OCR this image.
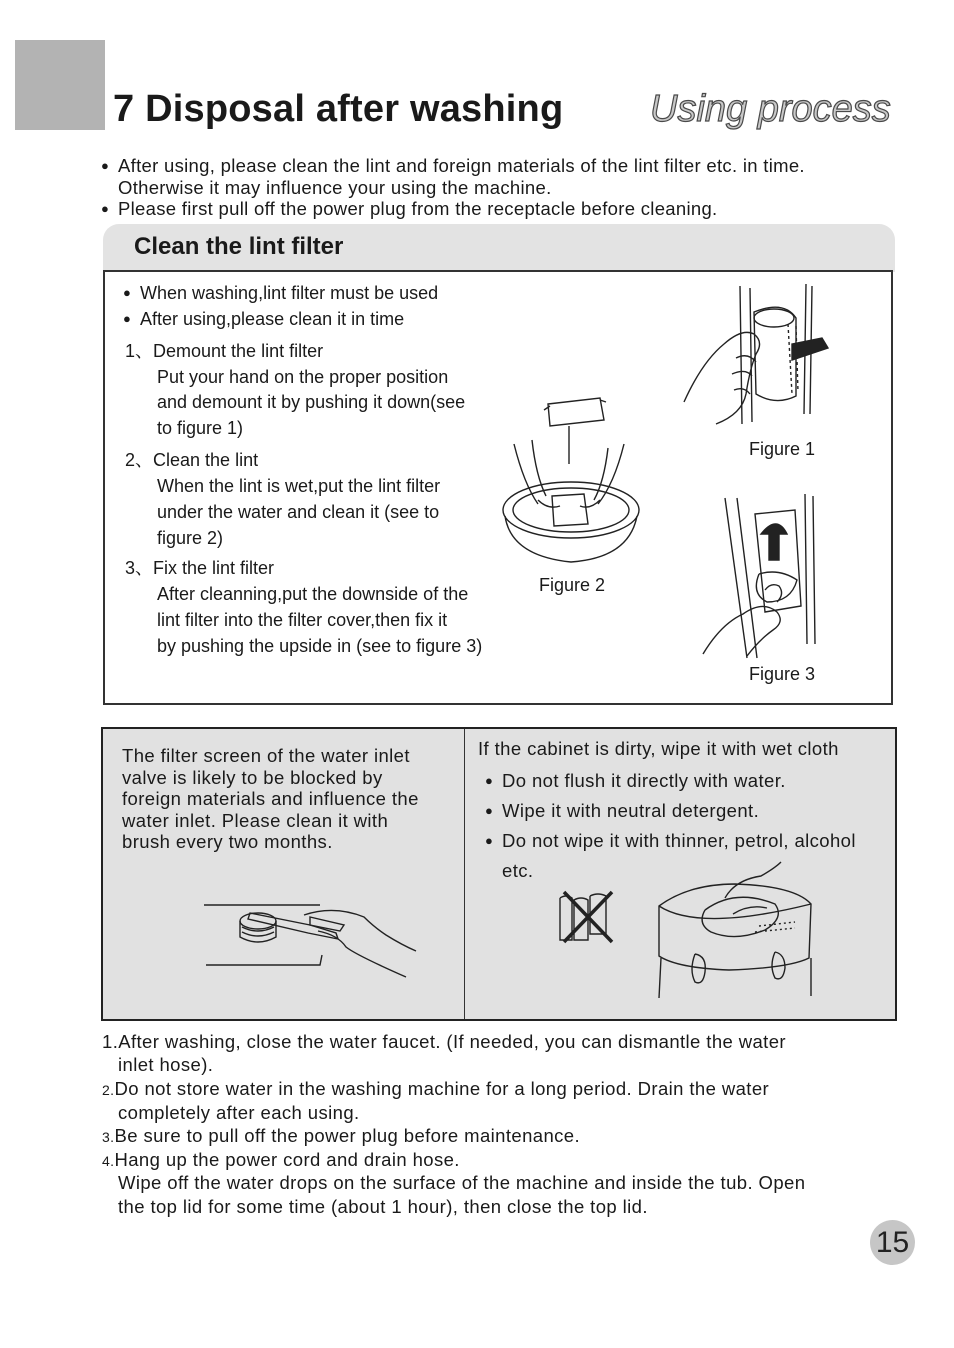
7 Disposal after washing Using process
● After using, please clean the lint and foreign materials of the lint filter etc. in time.
Otherwise it may influence your using the machine.
● Please first pull off the power plug from the receptacle before cleaning.
Clean the lint filter
● When washing,lint filter must be used
● After using,please clean it in time
1、Demount the lint filter
Put your hand on the proper position
and demount it by pushing it down(see
to figure 1)
2、Clean the lint
When the lint is wet,put the lint filter
under the water and clean it (see to
figure 2)
3、Fix the lint filter
After cleanning,put the downside of the
lint filter into the filter cover,then fix it
by pushing the upside in (see to figure 3)
Figure 1
Figure 2
Figure 3
The filter screen of the water inlet
valve is likely to be blocked by
foreign materials and influence the
water inlet. Please clean it with
brush every two months.
If the cabinet is dirty, wipe it with wet cloth
● Do not flush it directly with water.
● Wipe it with neutral detergent.
● Do not wipe it with thinner, petrol, alcohol
etc.
1.After washing, close the water faucet. (If needed, you can dismantle the water
inlet hose).
2.Do not store water in the washing machine for a long period. Drain the water
completely after each using.
3.Be sure to pull off the power plug before maintenance.
4.Hang up the power cord and drain hose.
Wipe off the water drops on the surface of the machine and inside the tub. Open
the top lid for some time (about 1 hour), then close the top lid.
15
